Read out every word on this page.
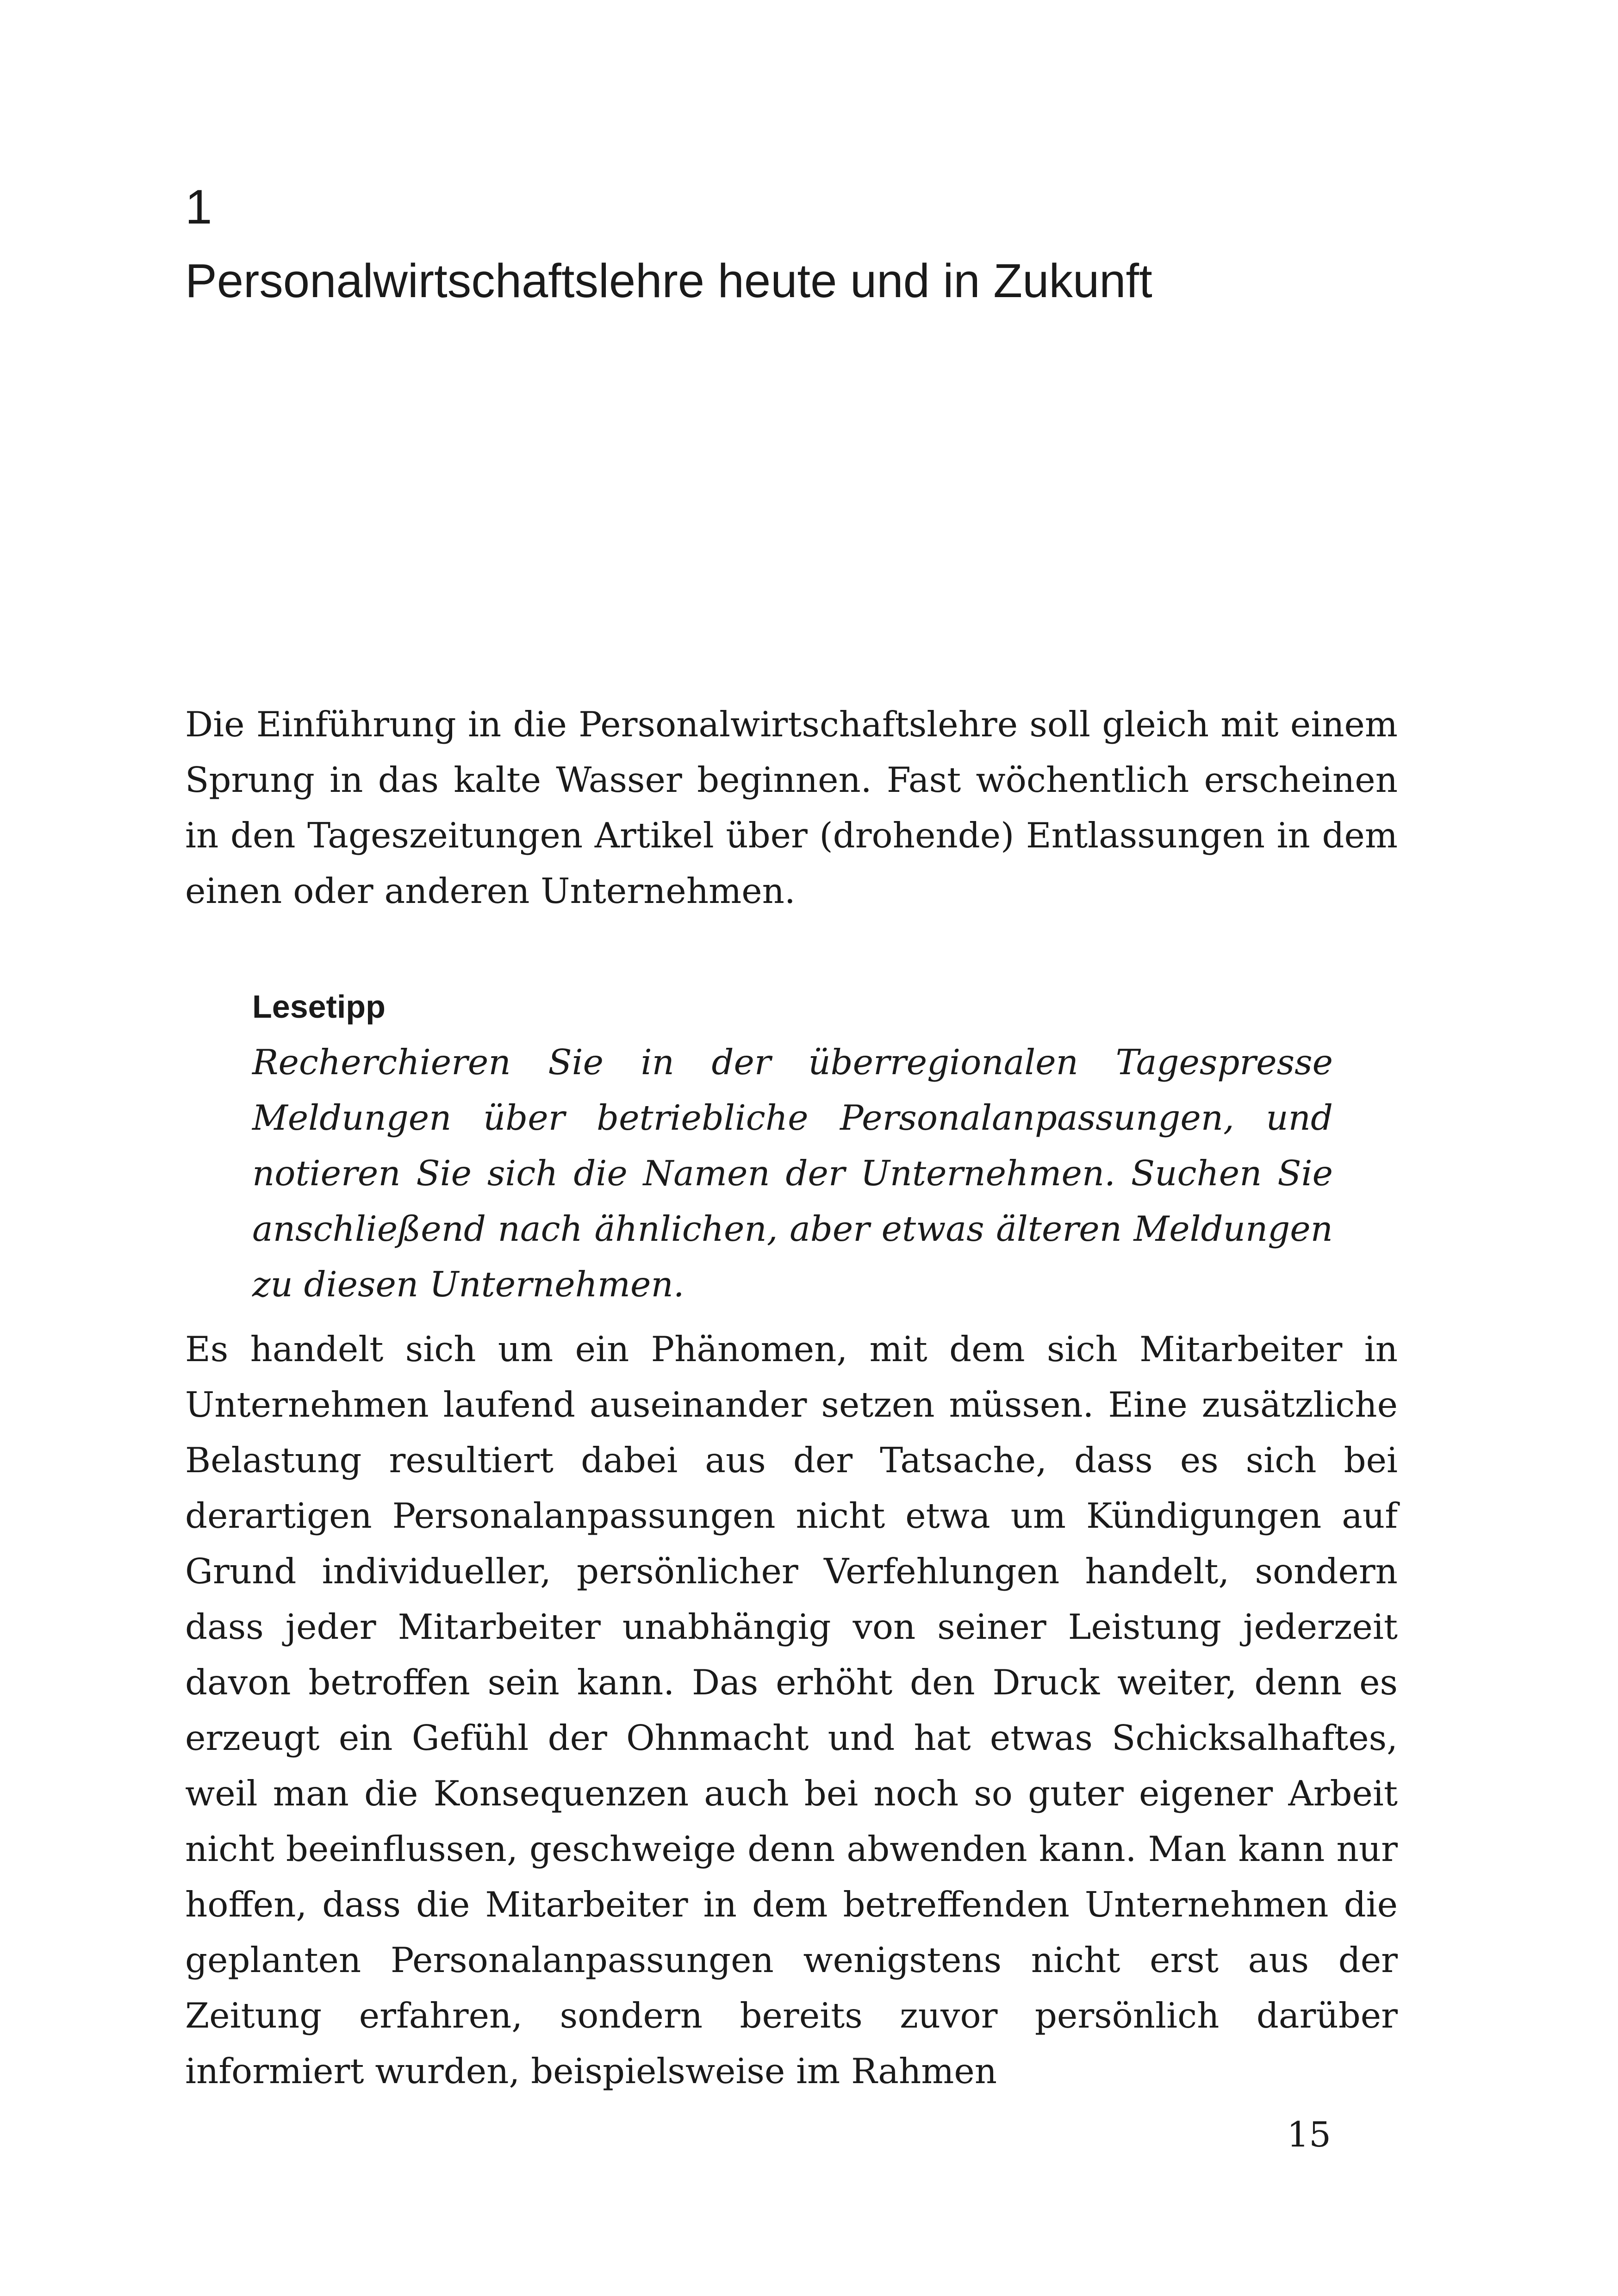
1
Personalwirtschaftslehre heute und in Zukunft

Die Einführung in die Personalwirtschaftslehre soll gleich mit einem Sprung in das kalte Wasser beginnen. Fast wöchentlich erscheinen in den Tageszeitungen Artikel über (drohende) Entlassungen in dem einen oder anderen Unternehmen.

Lesetipp

Recherchieren Sie in der überregionalen Tagespresse Meldungen über betriebliche Personalanpassungen, und notieren Sie sich die Namen der Unternehmen. Suchen Sie anschließend nach ähnlichen, aber etwas älteren Meldungen zu diesen Unternehmen.

Es handelt sich um ein Phänomen, mit dem sich Mitarbeiter in Unternehmen laufend auseinander setzen müssen. Eine zusätzliche Belastung resultiert dabei aus der Tatsache, dass es sich bei derartigen Personalanpassungen nicht etwa um Kündigungen auf Grund individueller, persönlicher Verfehlungen handelt, sondern dass jeder Mitarbeiter unabhängig von seiner Leistung jederzeit davon betroffen sein kann. Das erhöht den Druck weiter, denn es erzeugt ein Gefühl der Ohnmacht und hat etwas Schicksalhaftes, weil man die Konsequenzen auch bei noch so guter eigener Arbeit nicht beeinflussen, geschweige denn abwenden kann. Man kann nur hoffen, dass die Mitarbeiter in dem betreffenden Unternehmen die geplanten Personalanpassungen wenigstens nicht erst aus der Zeitung erfahren, sondern bereits zuvor persönlich darüber informiert wurden, beispielsweise im Rahmen

15
